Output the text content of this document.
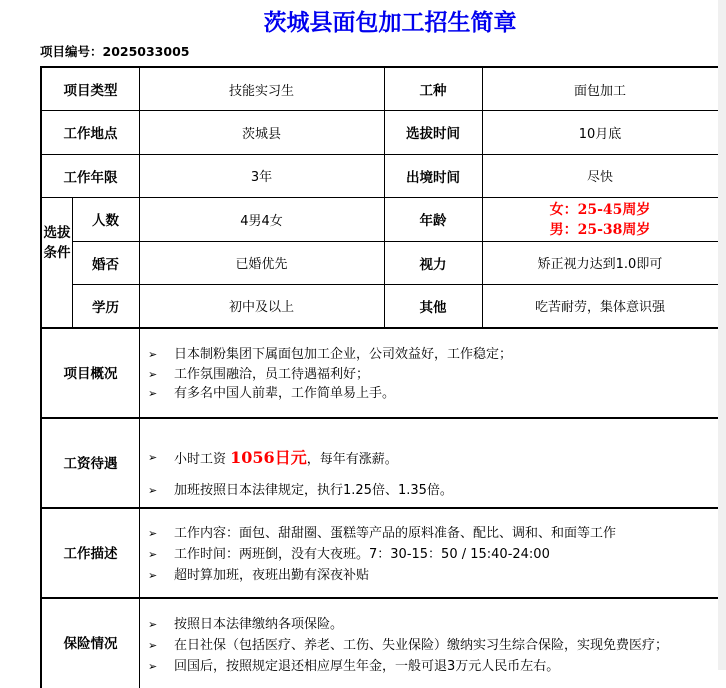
茨城县面包加工招生简章
项目编号：2025033005
项目类型	技能实习生	工种	面包加工
工作地点	茨城县	选拔时间	10月底
工作年限	3年	出境时间	尽快
选拔条件
人数	4男4女	年龄
女：25-45周岁
男：25-38周岁
婚否	已婚优先	视力	矫正视力达到1.0即可
学历	初中及以上	其他	吃苦耐劳，集体意识强
项目概况
➢ 日本制粉集团下属面包加工企业，公司效益好，工作稳定；
➢ 工作氛围融洽，员工待遇福利好；
➢ 有多名中国人前辈，工作简单易上手。
工资待遇	➢ 小时工资 1056日元，每年有涨薪。
➢ 加班按照日本法律规定，执行1.25倍、1.35倍。
工作描述
➢ 工作内容：面包、甜甜圈、蛋糕等产品的原料准备、配比、调和、和面等工作
➢ 工作时间：两班倒，没有大夜班。7：30-15：50 / 15:40-24:00
➢ 超时算加班，夜班出勤有深夜补贴
保险情况
➢ 按照日本法律缴纳各项保险。
➢ 在日社保（包括医疗、养老、工伤、失业保险）缴纳实习生综合保险，实现免费医疗；
➢ 回国后，按照规定退还相应厚生年金，一般可退3万元人民币左右。
